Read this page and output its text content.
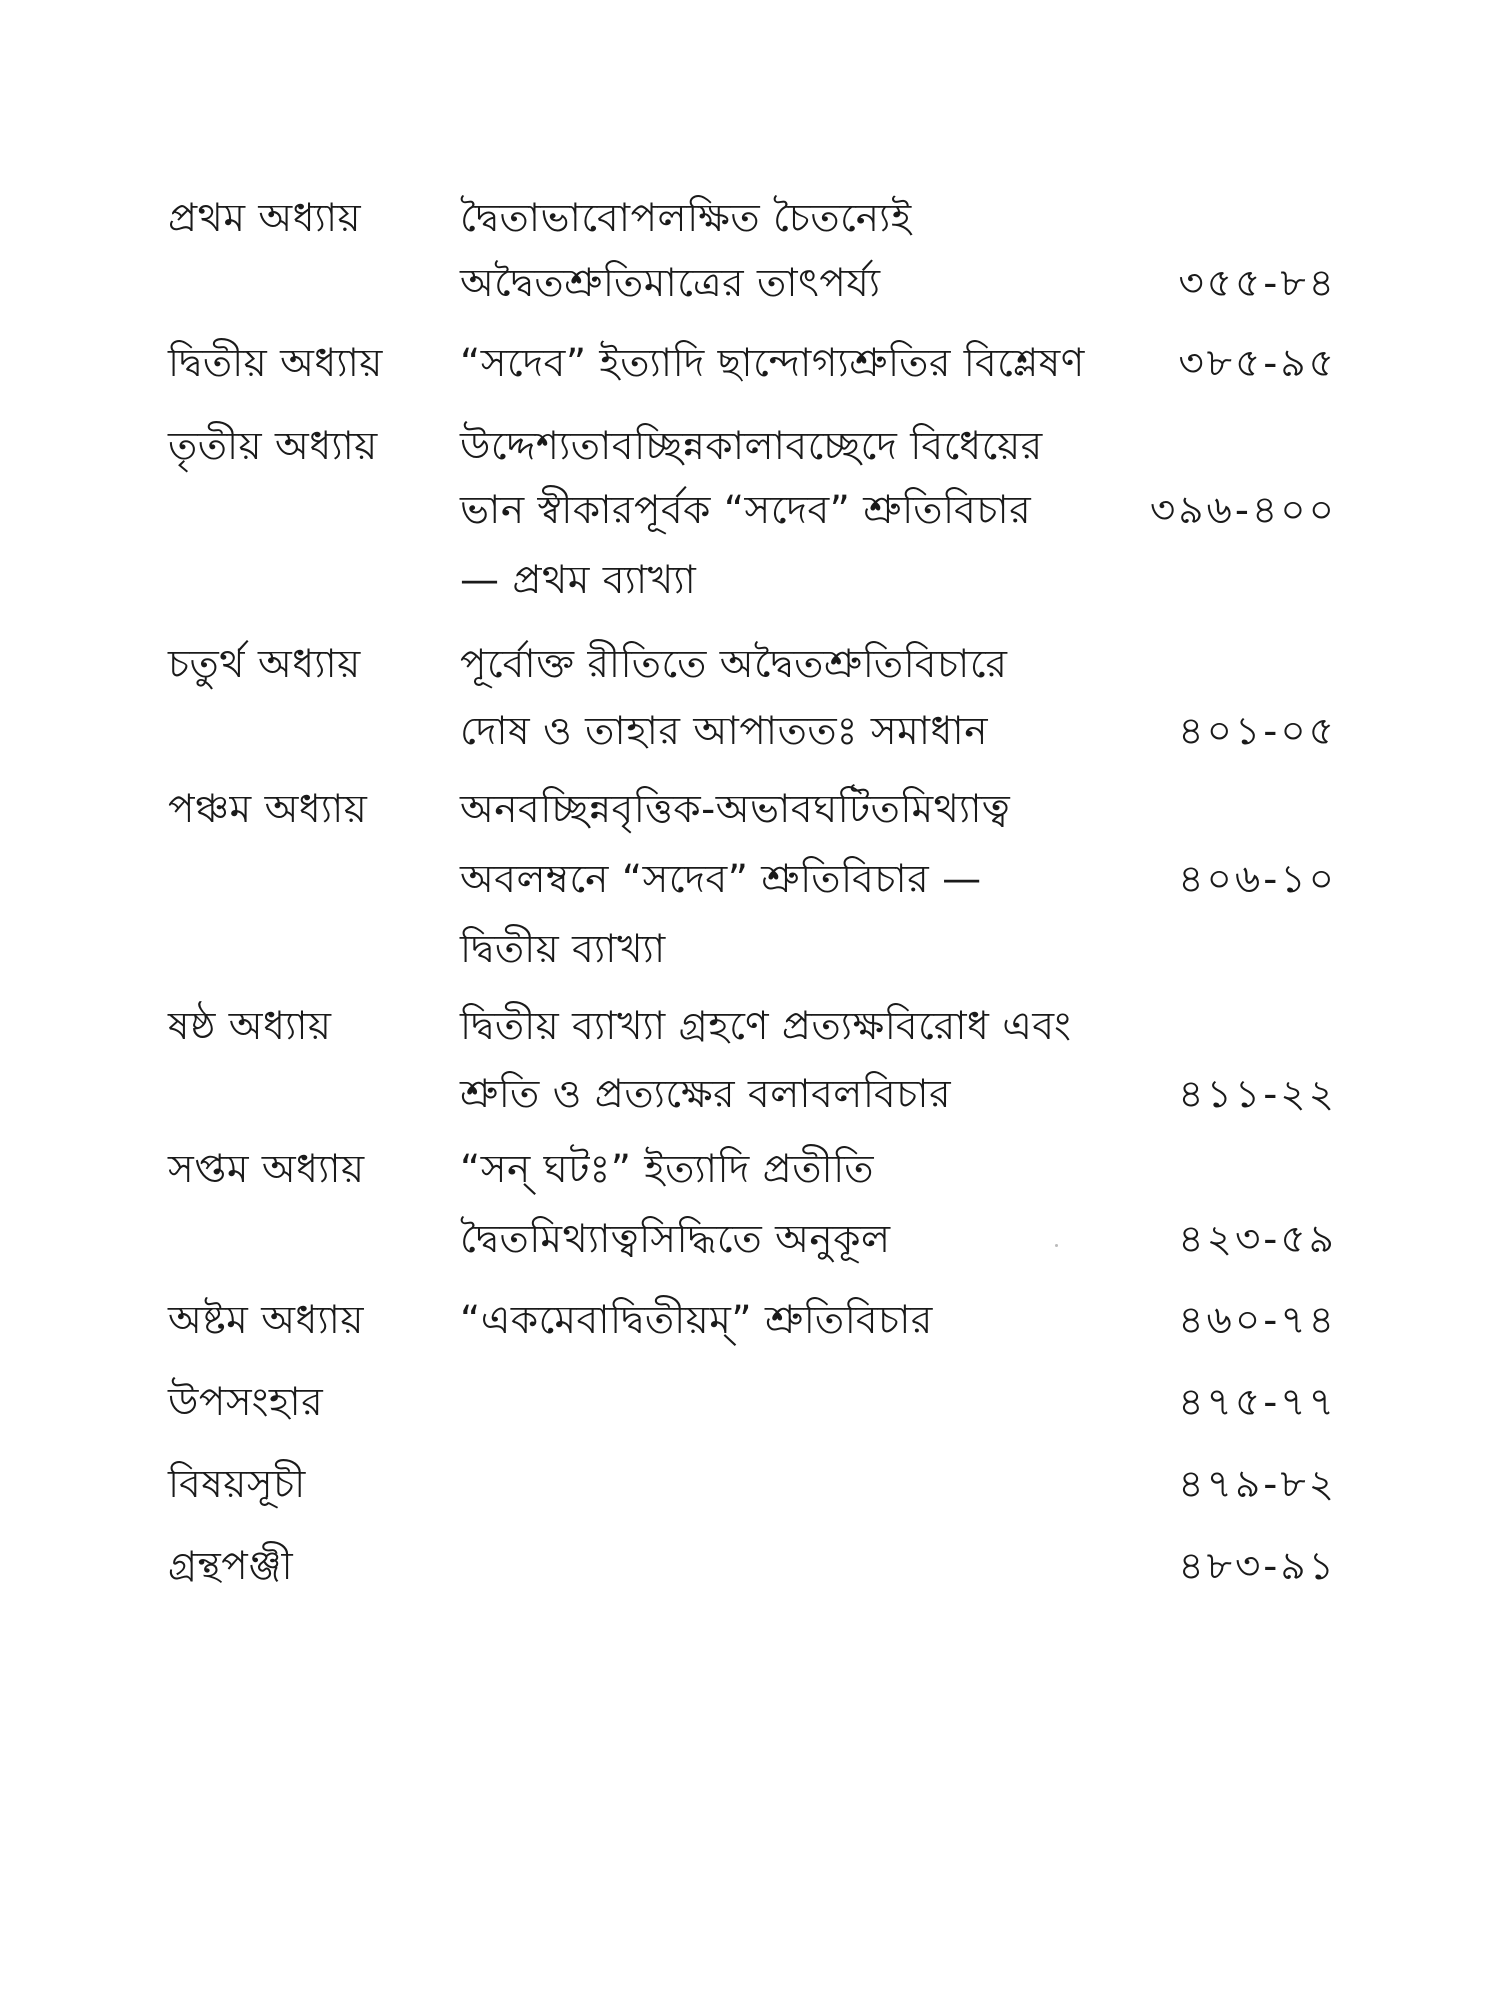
প্রথম অধ্যায়	দ্বৈতাভাবোপলক্ষিত চৈতন্যেই
অদ্বৈতশ্রুতিমাত্রের তাৎপর্য্য	৩৫৫-৮৪
দ্বিতীয় অধ্যায় “সদেব” ইত্যাদি ছান্দোগ্যশ্রুতির বিশ্লেষণ ৩৮৫-৯৫
তৃতীয় অধ্যায় উদ্দেশ্যতাবচ্ছিন্নকালাবচ্ছেদে বিধেয়ের
ভান স্বীকারপূর্বক “সদেব” শ্রুতিবিচার	৩৯৬-৪০০
— প্রথম ব্যাখ্যা
চতুর্থ অধ্যায়	পূর্বোক্ত রীতিতে অদ্বৈতশ্রুতিবিচারে
দোষ ও তাহার আপাততঃ সমাধান	৪০১-০৫
পঞ্চম অধ্যায় অনবচ্ছিন্নবৃত্তিক-অভাবঘটিতমিথ্যাত্ব
অবলম্বনে “সদেব” শ্রুতিবিচার —	৪০৬-১০
দ্বিতীয় ব্যাখ্যা
ষষ্ঠ অধ্যায়	দ্বিতীয় ব্যাখ্যা গ্রহণে প্রত্যক্ষবিরোধ এবং
শ্রুতি ও প্রত্যক্ষের বলাবলবিচার	৪১১-২২
সপ্তম অধ্যায় “সন্ ঘটঃ” ইত্যাদি প্রতীতি
দ্বৈতমিথ্যাত্বসিদ্ধিতে অনুকূল	৪২৩-৫৯
অষ্টম অধ্যায় “একমেবাদ্বিতীয়ম্” শ্রুতিবিচার	৪৬০-৭৪
উপসংহার	৪৭৫-৭৭
বিষয়সূচী	৪৭৯-৮২
গ্রন্থপঞ্জী	৪৮৩-৯১
